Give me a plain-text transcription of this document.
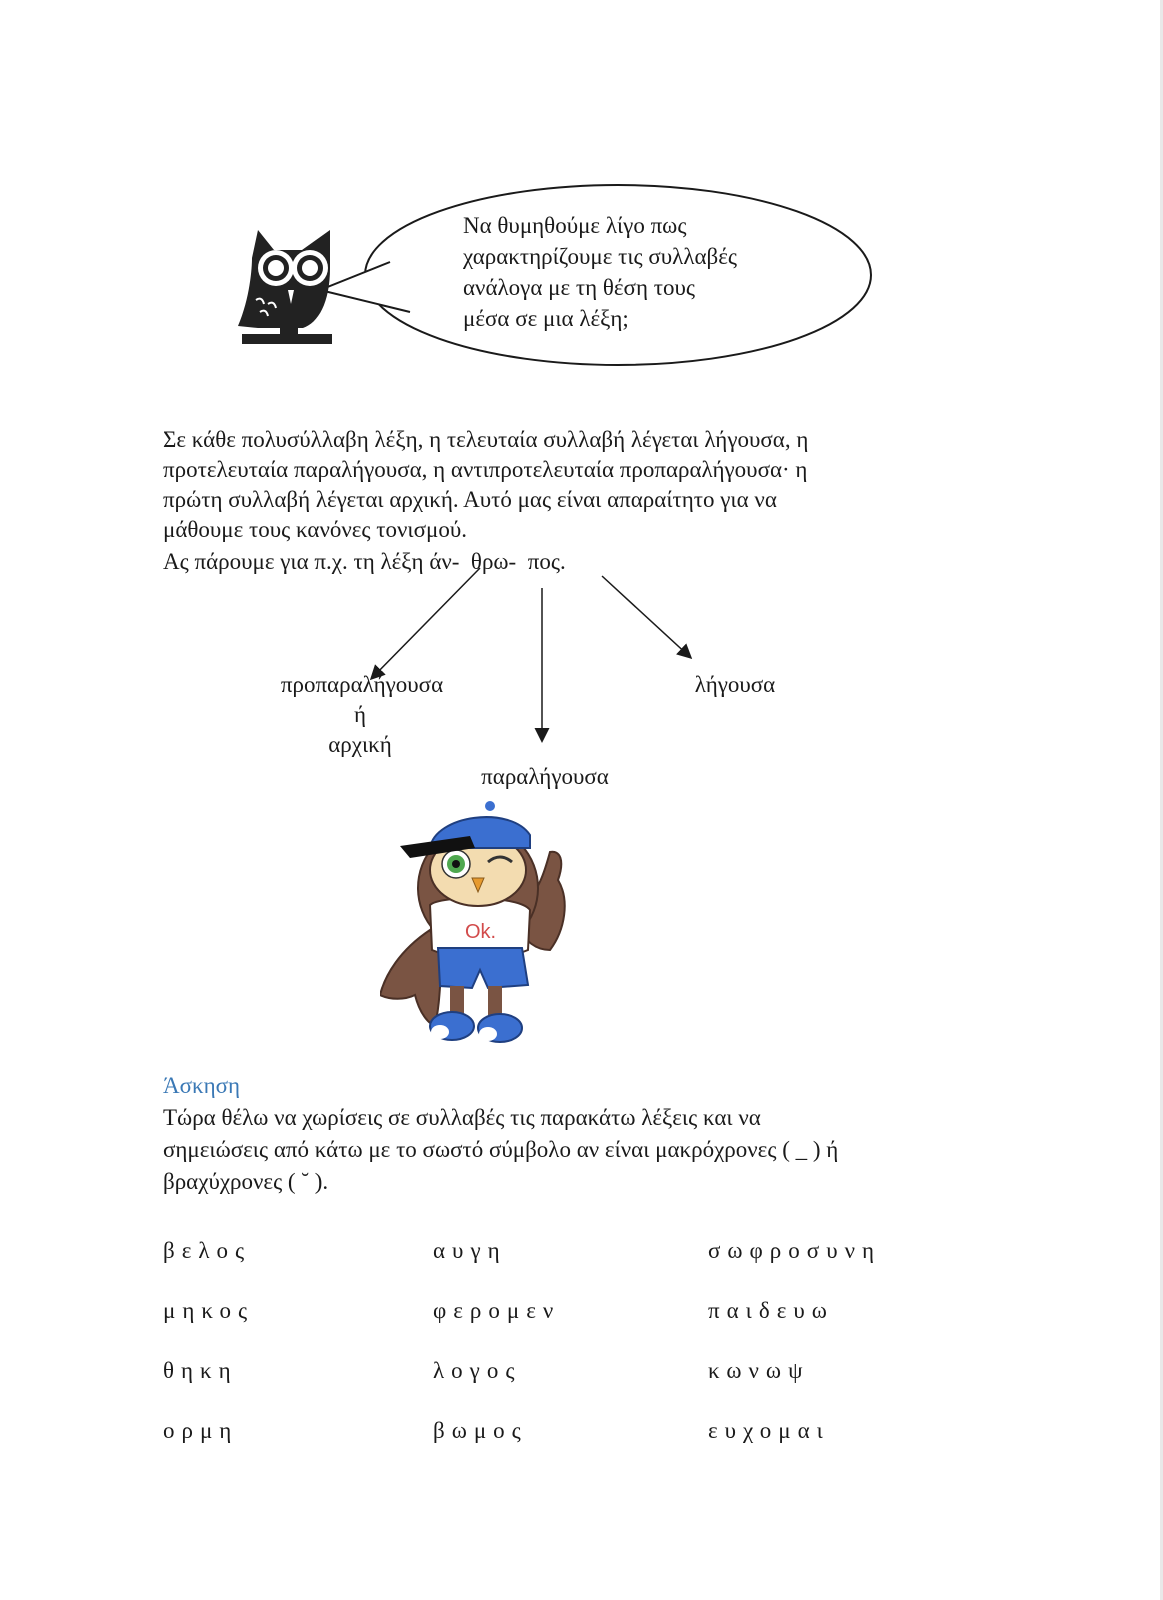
Να θυμηθούμε λίγο πως
χαρακτηρίζουμε τις συλλαβές
ανάλογα με τη θέση τους
μέσα σε μια λέξη;
Σε κάθε πολυσύλλαβη λέξη, η τελευταία συλλαβή λέγεται λήγουσα, η
προτελευταία παραλήγουσα, η αντιπροτελευταία προπαραλήγουσα· η
πρώτη συλλαβή λέγεται αρχική. Αυτό μας είναι απαραίτητο για να
μάθουμε τους κανόνες τονισμού.
Ας πάρουμε για π.χ. τη λέξη άν-  θρω-  πος.
προπαραλήγουσα
ή
αρχική
λήγουσα
παραλήγουσα
Ok.
Άσκηση
Τώρα θέλω να χωρίσεις σε συλλαβές τις παρακάτω λέξεις και να
σημειώσεις από κάτω με το σωστό σύμβολο αν είναι μακρόχρονες ( _ ) ή
βραχύχρονες ( ˘ ).
βελος	αυγη	σωφροσυνη
μηκος	φερομεν	παιδευω
θηκη	λογος	κωνωψ
ορμη	βωμος	ευχομαι
